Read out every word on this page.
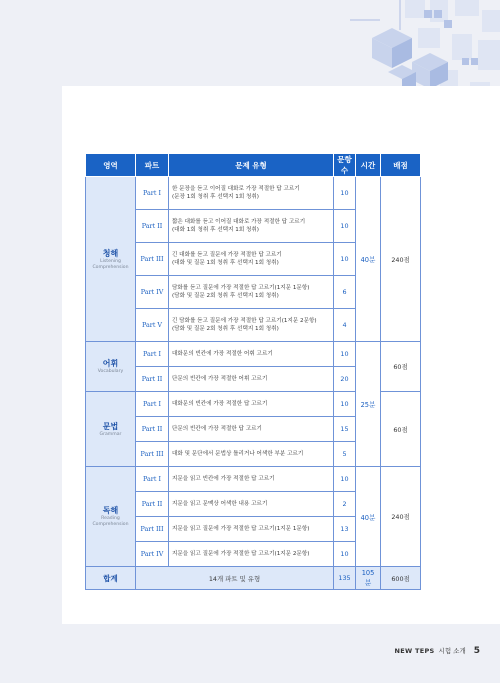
영역	파트	문제 유형	문항 수	시간	배점

청해
Listening Comprehension	Part I	한 문장을 듣고 이어질 대화로 가장 적절한 답 고르기
(문장 1회 청취 후 선택지 1회 청취)	10	40분	240점
	Part II	짧은 대화를 듣고 이어질 대화로 가장 적절한 답 고르기
(대화 1회 청취 후 선택지 1회 청취)	10		
	Part III	긴 대화를 듣고 질문에 가장 적절한 답 고르기
(대화 및 질문 1회 청취 후 선택지 1회 청취)	10		
	Part IV	담화를 듣고 질문에 가장 적절한 답 고르기(1지문 1문항)
(담화 및 질문 2회 청취 후 선택지 1회 청취)	6		
	Part V	긴 담화를 듣고 질문에 가장 적절한 답 고르기(1지문 2문항)
(담화 및 질문 2회 청취 후 선택지 1회 청취)	4		

어휘
Vocabulary	Part I	대화문의 빈칸에 가장 적절한 어휘 고르기	10	25분	60점
	Part II	단문의 빈칸에 가장 적절한 어휘 고르기	20		

문법
Grammar	Part I	대화문의 빈칸에 가장 적절한 답 고르기	10		60점
	Part II	단문의 빈칸에 가장 적절한 답 고르기	15		
	Part III	대화 및 문단에서 문법상 틀리거나 어색한 부분 고르기	5		

독해
Reading Comprehension	Part I	지문을 읽고 빈칸에 가장 적절한 답 고르기	10	40분	240점
	Part II	지문을 읽고 문맥상 어색한 내용 고르기	2		
	Part III	지문을 읽고 질문에 가장 적절한 답 고르기(1지문 1문항)	13		
	Part IV	지문을 읽고 질문에 가장 적절한 답 고르기(1지문 2문항)	10		
합계	14개 파트 및 유형		135	105분	600점
NEW TEPS 시험 소개 5
